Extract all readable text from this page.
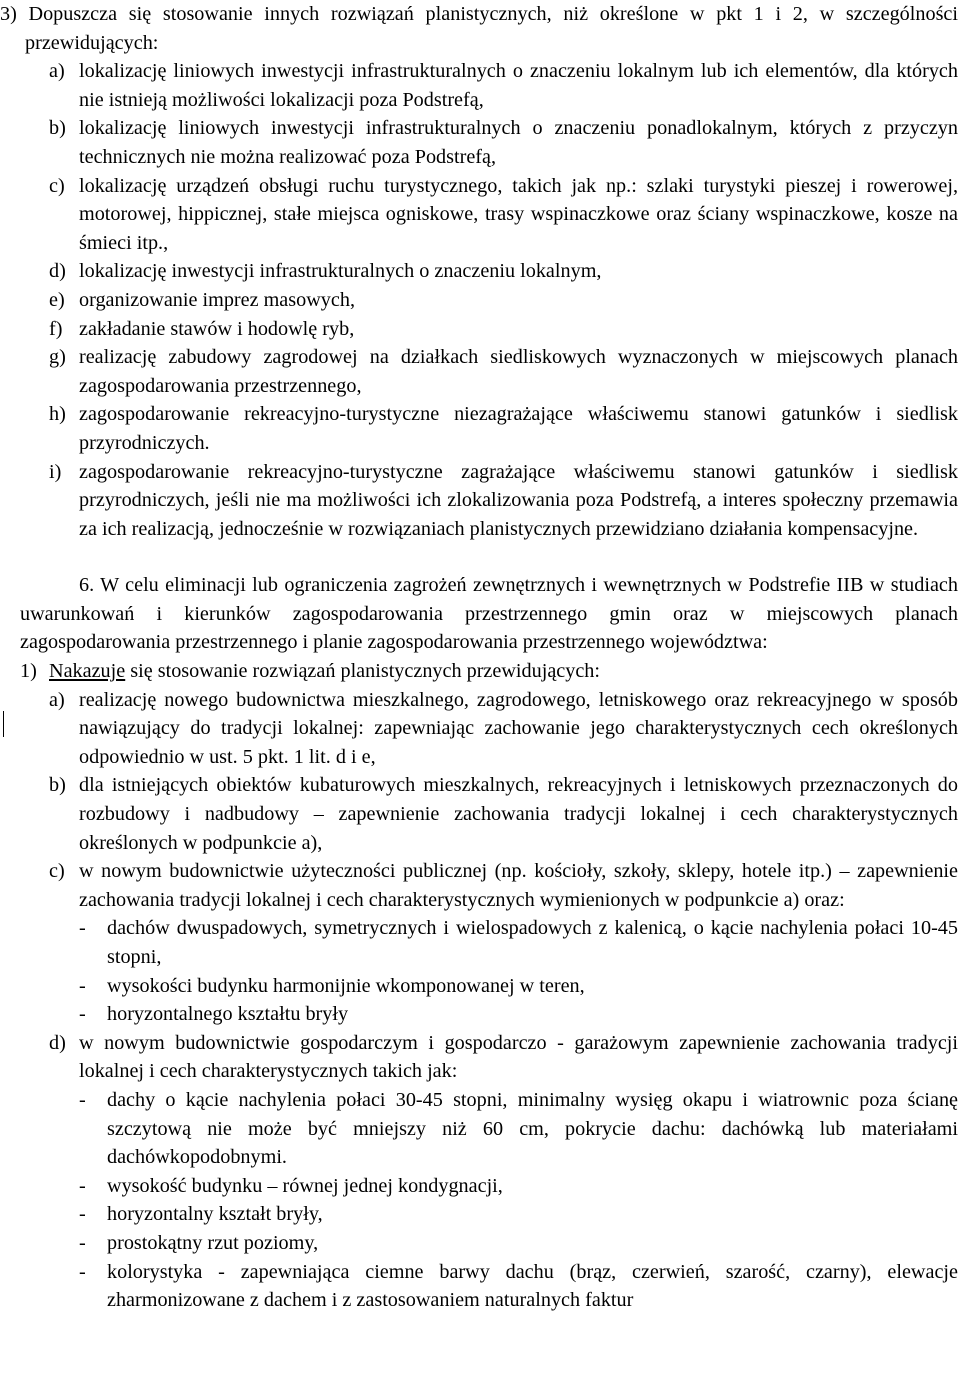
3) Dopuszcza się stosowanie innych rozwiązań planistycznych, niż określone w pkt 1 i 2, w szczególności przewidujących:
a) lokalizację liniowych inwestycji infrastrukturalnych o znaczeniu lokalnym lub ich elementów, dla których nie istnieją możliwości lokalizacji poza Podstrefą,
b) lokalizację liniowych inwestycji infrastrukturalnych o znaczeniu ponadlokalnym, których z przyczyn technicznych nie można realizować poza Podstrefą,
c) lokalizację urządzeń obsługi ruchu turystycznego, takich jak np.: szlaki turystyki pieszej i rowerowej, motorowej, hippicznej, stałe miejsca ogniskowe, trasy wspinaczkowe oraz ściany wspinaczkowe, kosze na śmieci itp.,
d) lokalizację inwestycji infrastrukturalnych o znaczeniu lokalnym,
e) organizowanie imprez masowych,
f) zakładanie stawów i hodowlę ryb,
g) realizację zabudowy zagrodowej na działkach siedliskowych wyznaczonych w miejscowych planach zagospodarowania przestrzennego,
h) zagospodarowanie rekreacyjno-turystyczne niezagrażające właściwemu stanowi gatunków i siedlisk przyrodniczych.
i) zagospodarowanie rekreacyjno-turystyczne zagrażające właściwemu stanowi gatunków i siedlisk przyrodniczych, jeśli nie ma możliwości ich zlokalizowania poza Podstrefą, a interes społeczny przemawia za ich realizacją, jednocześnie w rozwiązaniach planistycznych przewidziano działania kompensacyjne.
6. W celu eliminacji lub ograniczenia zagrożeń zewnętrznych i wewnętrznych w Podstrefie IIB w studiach uwarunkowań i kierunków zagospodarowania przestrzennego gmin oraz w miejscowych planach zagospodarowania przestrzennego i planie zagospodarowania przestrzennego województwa:
1) Nakazuje się stosowanie rozwiązań planistycznych przewidujących:
a) realizację nowego budownictwa mieszkalnego, zagrodowego, letniskowego oraz rekreacyjnego w sposób nawiązujący do tradycji lokalnej: zapewniając zachowanie jego charakterystycznych cech określonych odpowiednio w ust. 5 pkt. 1 lit. d i e,
b) dla istniejących obiektów kubaturowych mieszkalnych, rekreacyjnych i letniskowych przeznaczonych do rozbudowy i nadbudowy – zapewnienie zachowania tradycji lokalnej i cech charakterystycznych określonych w podpunkcie a),
c) w nowym budownictwie użyteczności publicznej (np. kościoły, szkoły, sklepy, hotele itp.) – zapewnienie zachowania tradycji lokalnej i cech charakterystycznych wymienionych w podpunkcie a) oraz:
- dachów dwuspadowych, symetrycznych i wielospadowych z kalenicą, o kącie nachylenia połaci 10-45 stopni,
- wysokości budynku harmonijnie wkomponowanej w teren,
- horyzontalnego kształtu bryły
d) w nowym budownictwie gospodarczym i gospodarczo - garażowym zapewnienie zachowania tradycji lokalnej i cech charakterystycznych takich jak:
- dachy o kącie nachylenia połaci 30-45 stopni, minimalny wysięg okapu i wiatrownic poza ścianę szczytową nie może być mniejszy niż 60 cm, pokrycie dachu: dachówką lub materiałami dachówkopodobnymi.
- wysokość budynku – równej jednej kondygnacji,
- horyzontalny kształt bryły,
- prostokątny rzut poziomy,
- kolorystyka - zapewniająca ciemne barwy dachu (brąz, czerwień, szarość, czarny), elewacje zharmonizowane z dachem i z zastosowaniem naturalnych faktur
